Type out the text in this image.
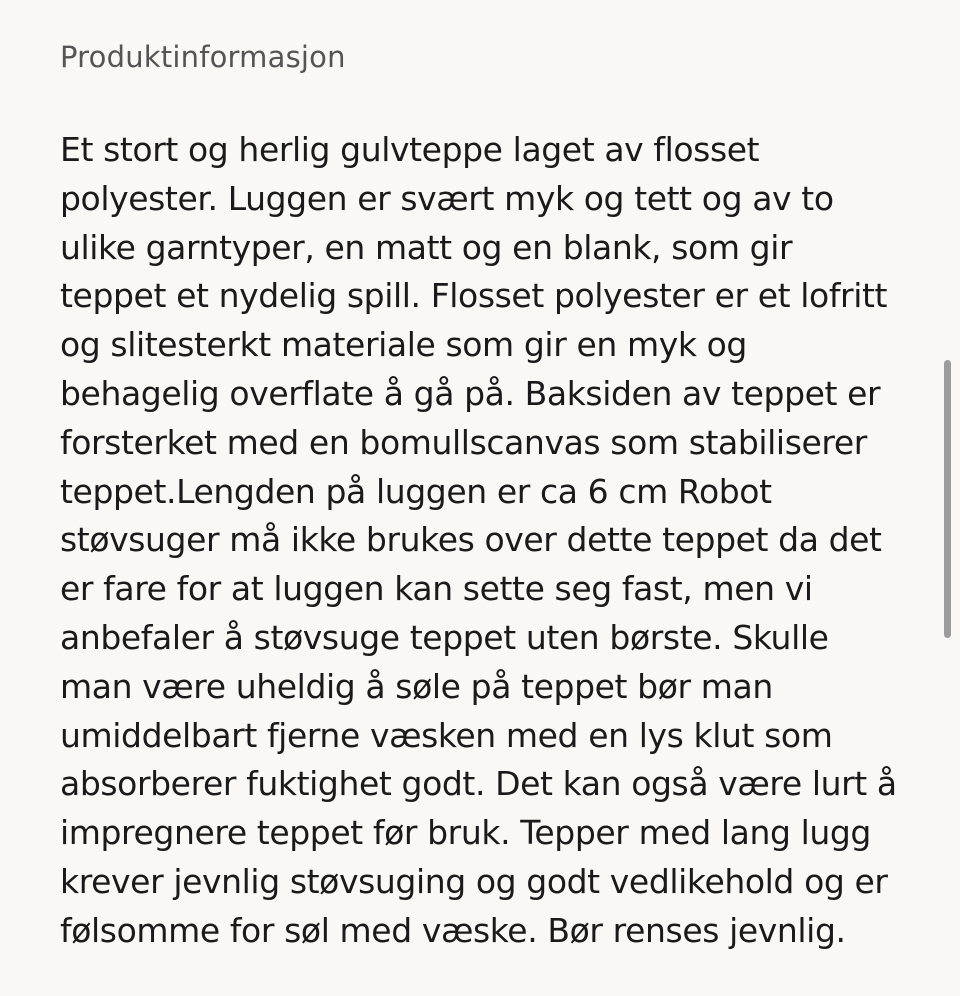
Produktinformasjon
Et stort og herlig gulvteppe laget av flosset
polyester. Luggen er svært myk og tett og av to
ulike garntyper, en matt og en blank, som gir
teppet et nydelig spill. Flosset polyester er et lofritt
og slitesterkt materiale som gir en myk og
behagelig overflate å gå på. Baksiden av teppet er
forsterket med en bomullscanvas som stabiliserer
teppet.Lengden på luggen er ca 6 cm Robot
støvsuger må ikke brukes over dette teppet da det
er fare for at luggen kan sette seg fast, men vi
anbefaler å støvsuge teppet uten børste. Skulle
man være uheldig å søle på teppet bør man
umiddelbart fjerne væsken med en lys klut som
absorberer fuktighet godt. Det kan også være lurt å
impregnere teppet før bruk. Tepper med lang lugg
krever jevnlig støvsuging og godt vedlikehold og er
følsomme for søl med væske. Bør renses jevnlig.
